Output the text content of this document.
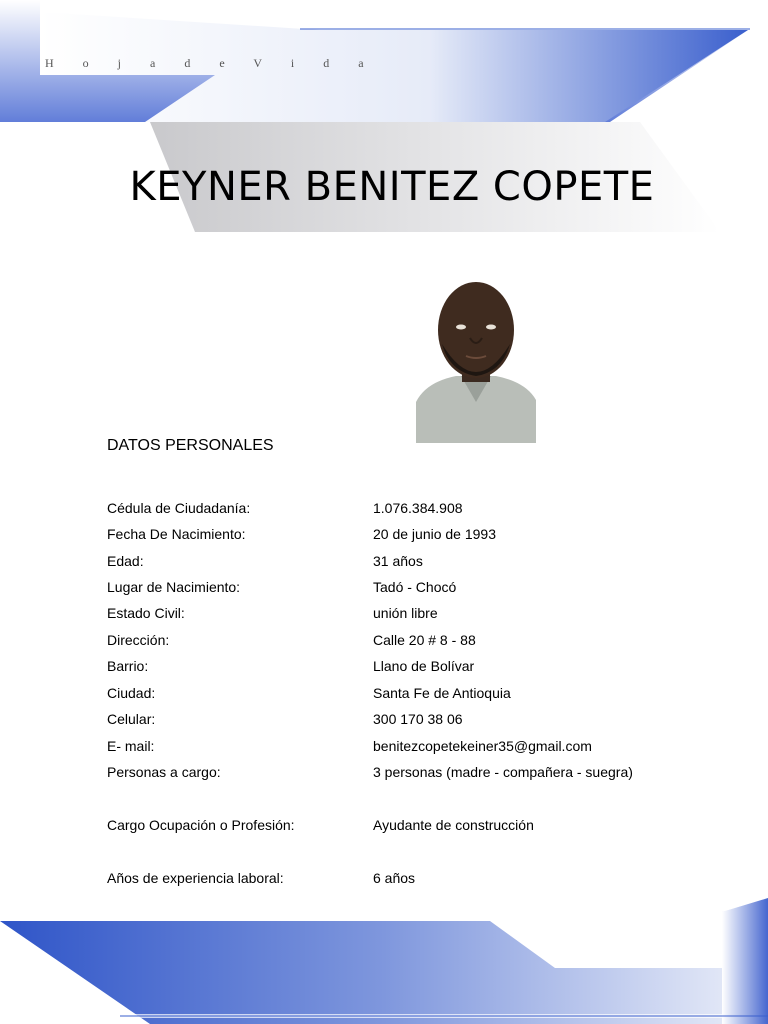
H o j a d e V i d a
KEYNER BENITEZ COPETE
DATOS PERSONALES
Cédula de Ciudadanía:	1.076.384.908
Fecha De Nacimiento:	20 de junio de 1993
Edad:	31 años
Lugar de Nacimiento:	Tadó - Chocó
Estado Civil:	unión libre
Dirección:	Calle 20 # 8 - 88
Barrio:	Llano de Bolívar
Ciudad:	Santa Fe de Antioquia
Celular:	300 170 38 06
E- mail:	benitezcopetekeiner35@gmail.com
Personas a cargo:	3 personas (madre - compañera - suegra)
Cargo Ocupación o Profesión:	Ayudante de construcción
Años de experiencia laboral:	6 años
